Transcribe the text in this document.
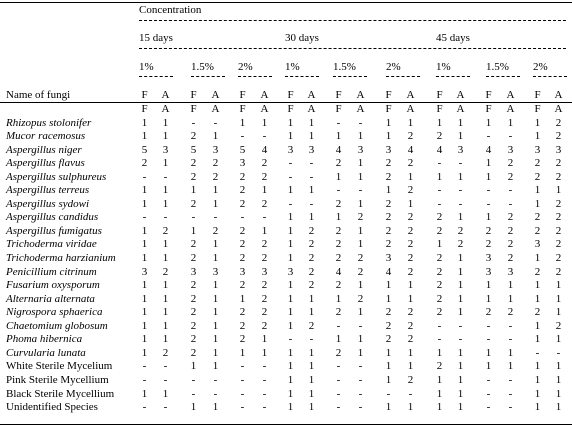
Concentration
15 days	30 days	45 days
1%	1.5% 2%	1%	1.5%	2%	1%	1.5% 2%
Name of fungi	F A F A F A F A F A F A F A F A F A
F A F A F A F A F A F A F A F A F A
Rhizopus stolonifer	1 1	-	-	1 1 1 1	-	-	1 1 1 1 1 1 1 2
Mucor racemosus	1 1 2 1	-	-	1 1 1 1 1 2 2 1	-	-	1 2
Aspergillus niger	5 3 5 3 5 4 3 3 4 3 3 4 4 3 4 3 3 3
Aspergillus flavus	2 1 2 2 3 2	-	-	2 1 2 2	-	-	1 2 2 2
Aspergillus sulphureus	-	-	2 2 2 2	-	-	1 1 2 1 1 1 1 2 2 2
Aspergillus terreus	1 1 1 1 2 1 1 1	-	-	1 2	-	-	-	-	1 1
Aspergillus sydowi	1 1 2 1 2 2	-	-	2 1 2 1	-	-	-	-	1 2
Aspergillus candidus	-	-	-	-	-	-	1 1 1 2 2 2 2 1 1 2 2 2
Aspergillus fumigatus	1 2 1 2 2 1 1 2 2 1 2 2 2 2 2 2 2 2
Trichoderma viridae	1 1 2 1 2 2 1 2 2 1 2 2 1 2 2 2 3 2
Trichoderma harzianium 1 1 2 1 2 2 1 2 2 2 3 2 2 1 3 2 1 2
Penicillium citrinum	3 2 3 3 3 3 3 2 4 2 4 2 2 1 3 3 2 2
Fusarium oxysporum	1 1 2 1 2 2 1 2 2 1 1 1 2 1 1 1 1 1
Alternaria alternata	1 1 2 1 1 2 1 1 1 2 1 1 2 1 1 1 1 1
Nigrospora sphaerica	1 1 2 1 2 2 1 1 2 1 2 2 2 1 2 2 2 1
Chaetomium globosum	1 1 2 1 2 2 1 2	-	-	2 2	-	-	-	-	1 2
Phoma hibernica	1 1 2 1 2 1	-	-	1 1 2 2	-	-	-	-	1 1
Curvularia lunata	1 2 2 1 1 1 1 1 2 1 1 1 1 1 1 1	-	-
White Sterile Mycelium	-	-	1 1	-	-	1 1	-	-	1 1 2 1 1 1 1 1
Pink Sterile Mycellium	-	-	-	-	-	-	1 1	-	-	1 2 1 1	-	-	1 1
Black Sterile Mycellium	1 1	-	-	-	-	1 1	-	-	-	-	1 1	-	-	1 1
Unidentified Species	-	-	1 1	-	-	1 1	-	-	1 1 1 1	-	-	1 1
